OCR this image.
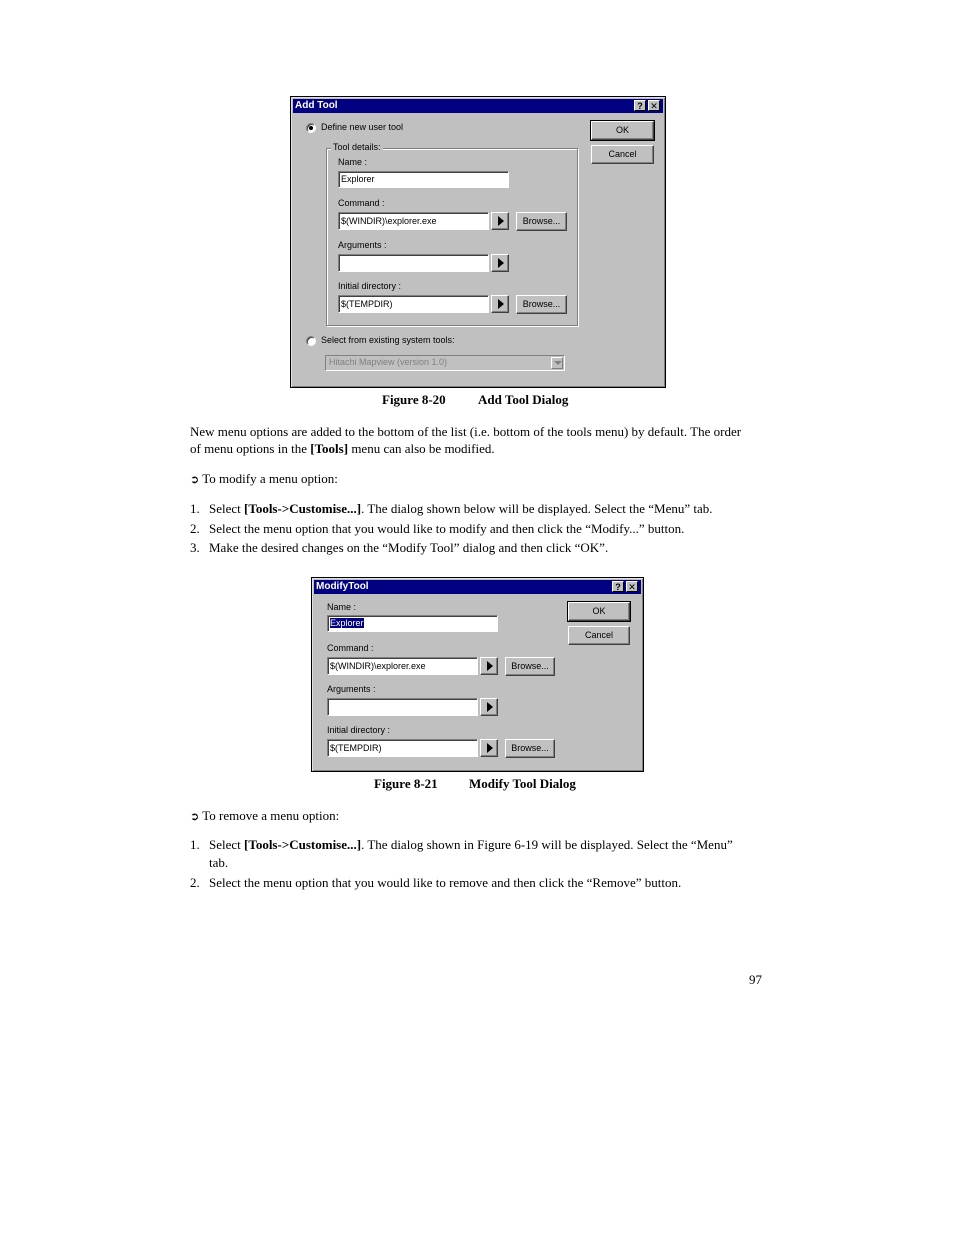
Add Tool	? ✕
Define new user tool	OK
Cancel
Tool details:
Name :
Explorer
Command :
$(WINDIR)\explorer.exe	Browse...
Arguments :
Initial directory :
$(TEMPDIR)	Browse...
Select from existing system tools:
Hitachi Mapview (version 1.0)
Figure 8-20 Add Tool Dialog
New menu options are added to the bottom of the list (i.e. bottom of the tools menu) by default. The order
of menu options in the [Tools] menu can also be modified.
➲ To modify a menu option:
1. Select [Tools->Customise...]. The dialog shown below will be displayed. Select the “Menu” tab.
2. Select the menu option that you would like to modify and then click the “Modify...” button.
3. Make the desired changes on the “Modify Tool” dialog and then click “OK”.
ModifyTool	? ✕
Name :
Explorer
OK
Cancel
Command :
$(WINDIR)\explorer.exe	Browse...
Arguments :
Initial directory :
$(TEMPDIR)	Browse...
Figure 8-21 Modify Tool Dialog
➲ To remove a menu option:
1. Select [Tools->Customise...]. The dialog shown in Figure 6-19 will be displayed. Select the “Menu”
tab.
2. Select the menu option that you would like to remove and then click the “Remove” button.
97
